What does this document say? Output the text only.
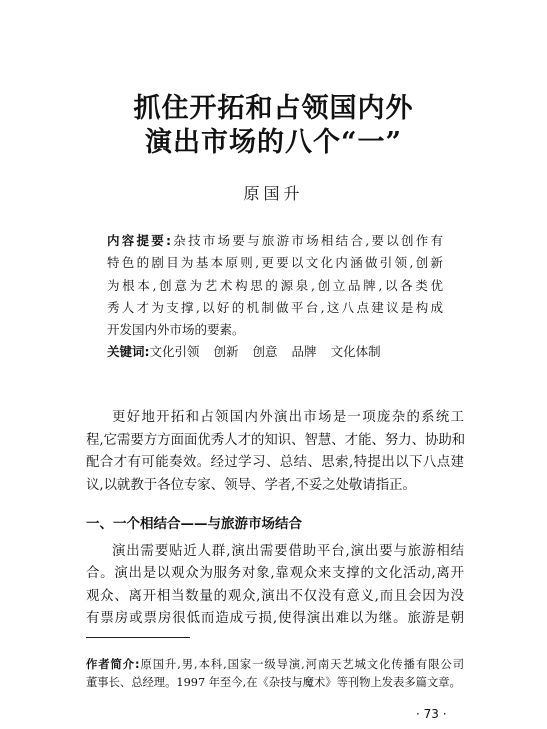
抓住开拓和占领国内外
演出市场的八个“一”
原国升
内容提要:杂技市场要与旅游市场相结合,要以创作有
特色的剧目为基本原则,更要以文化内涵做引领,创新
为根本,创意为艺术构思的源泉,创立品牌,以各类优
秀人才为支撑,以好的机制做平台,这八点建议是构成
开发国内外市场的要素。
关键词:文化引领 创新 创意 品牌 文化体制
更好地开拓和占领国内外演出市场是一项庞杂的系统工
程,它需要方方面面优秀人才的知识、智慧、才能、努力、协助和
配合才有可能奏效。经过学习、总结、思索,特提出以下八点建
议,以就教于各位专家、领导、学者,不妥之处敬请指正。
一、一个相结合——与旅游市场结合
演出需要贴近人群,演出需要借助平台,演出要与旅游相结
合。演出是以观众为服务对象,靠观众来支撑的文化活动,离开
观众、离开相当数量的观众,演出不仅没有意义,而且会因为没
有票房或票房很低而造成亏损,使得演出难以为继。旅游是朝
作者简介:原国升,男,本科,国家一级导演,河南天艺城文化传播有限公司
董事长、总经理。1997 年至今,在《杂技与魔术》等刊物上发表多篇文章。
· 73 ·
